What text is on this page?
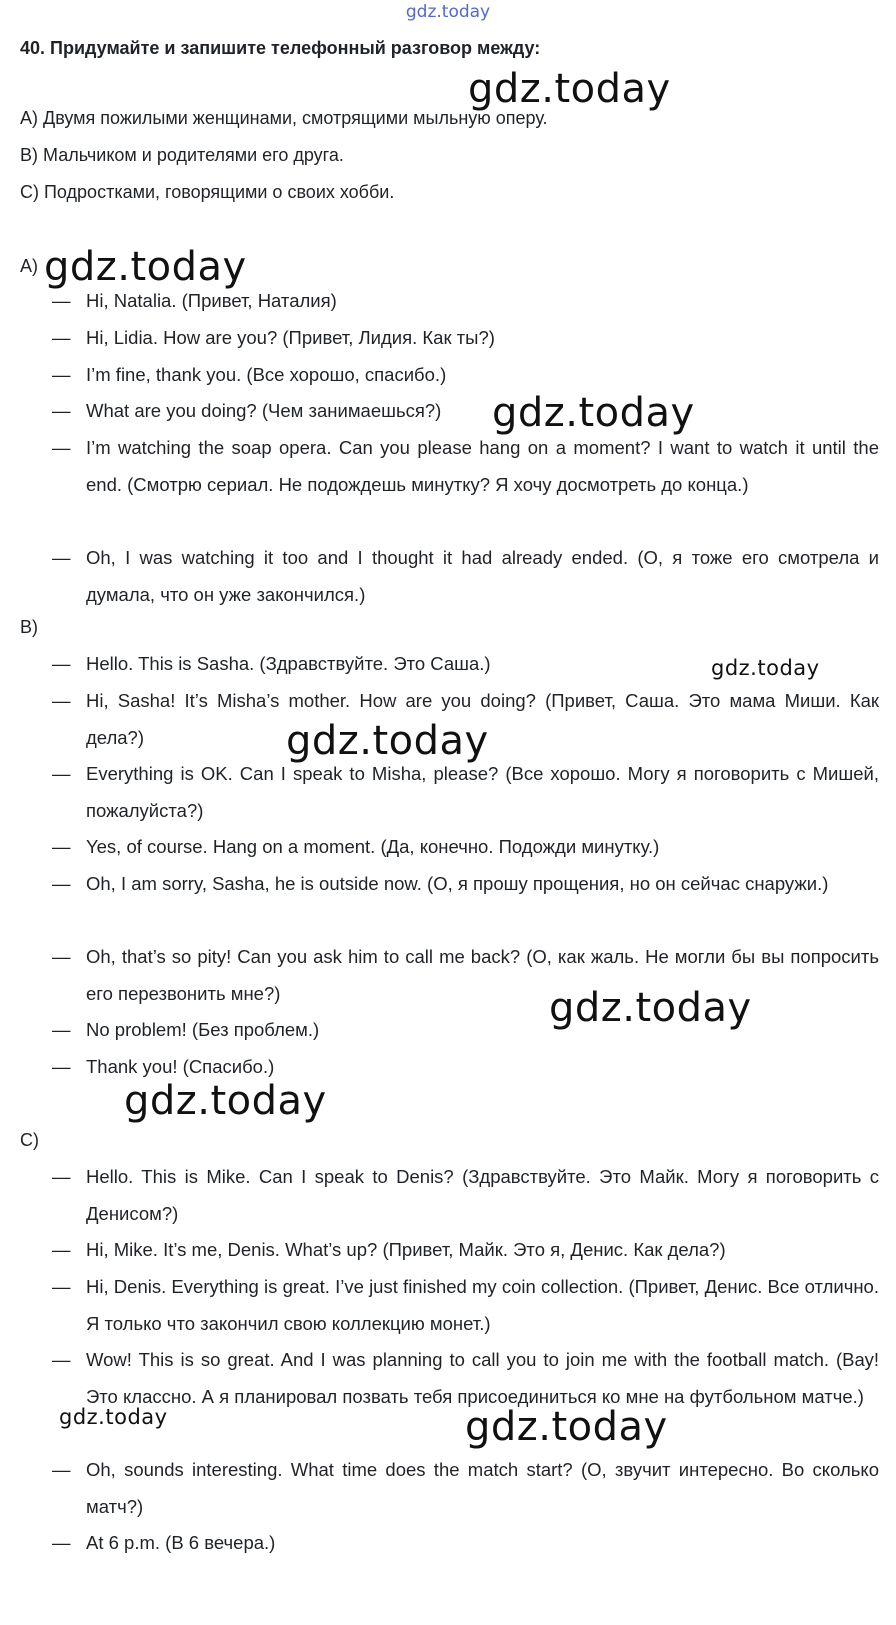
gdz.today
40. Придумайте и запишите телефонный разговор между:
А) Двумя пожилыми женщинами, смотрящими мыльную оперу.
В) Мальчиком и родителями его друга.
С) Подростками, говорящими о своих хобби.
А)
— Hi, Natalia. (Привет, Наталия)
— Hi, Lidia. How are you? (Привет, Лидия. Как ты?)
— I’m fine, thank you. (Все хорошо, спасибо.)
— What are you doing? (Чем занимаешься?)
— I’m watching the soap opera. Can you please hang on a moment? I want to watch it until the end. (Смотрю сериал. Не подождешь минутку? Я хочу досмотреть до конца.)
— Oh, I was watching it too and I thought it had already ended. (О, я тоже его смотрела и думала, что он уже закончился.)
В)
— Hello. This is Sasha. (Здравствуйте. Это Саша.)
— Hi, Sasha! It’s Misha’s mother. How are you doing? (Привет, Саша. Это мама Миши. Как дела?)
— Everything is OK. Can I speak to Misha, please? (Все хорошо. Могу я поговорить с Мишей, пожалуйста?)
— Yes, of course. Hang on a moment. (Да, конечно. Подожди минутку.)
— Oh, I am sorry, Sasha, he is outside now. (О, я прошу прощения, но он сейчас снаружи.)
— Oh, that’s so pity! Can you ask him to call me back? (О, как жаль. Не могли бы вы попросить его перезвонить мне?)
— No problem! (Без проблем.)
— Thank you! (Спасибо.)
С)
— Hello. This is Mike. Can I speak to Denis? (Здравствуйте. Это Майк. Могу я поговорить с Денисом?)
— Hi, Mike. It’s me, Denis. What’s up? (Привет, Майк. Это я, Денис. Как дела?)
— Hi, Denis. Everything is great. I’ve just finished my coin collection. (Привет, Денис. Все отлично. Я только что закончил свою коллекцию монет.)
— Wow! This is so great. And I was planning to call you to join me with the football match. (Вау! Это классно. А я планировал позвать тебя присоединиться ко мне на футбольном матче.)
— Oh, sounds interesting. What time does the match start? (О, звучит интересно. Во сколько матч?)
— At 6 p.m. (В 6 вечера.)
gdz.today
gdz.today
gdz.today
gdz.today
gdz.today
gdz.today
gdz.today
gdz.today	gdz.today
